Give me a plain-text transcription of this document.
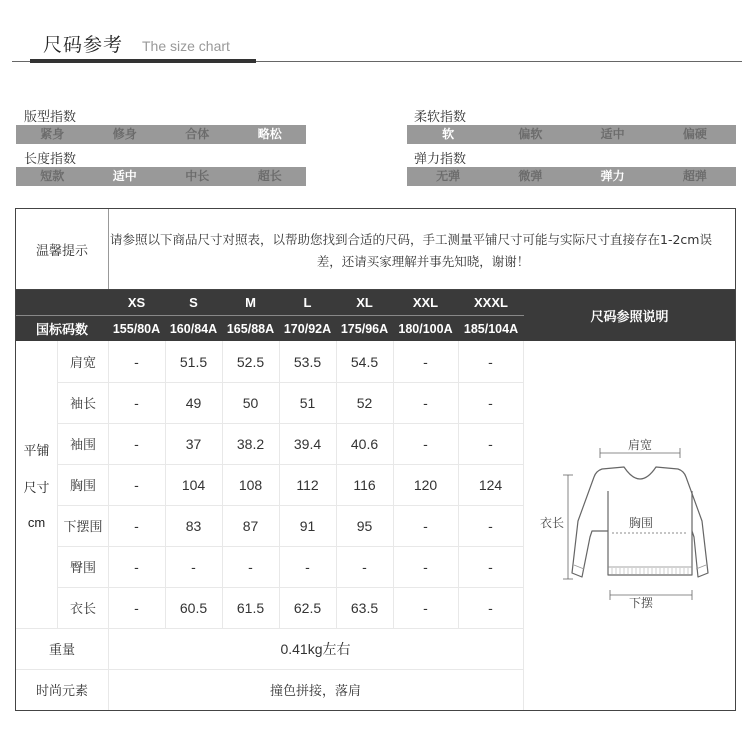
尺码参考 The size chart
版型指数
紧身	修身	合体	略松
长度指数
短款	适中	中长	超长
柔软指数
软	偏软	适中	偏硬
弹力指数
无弹	微弹	弹力	超弹
温馨提示
请参照以下商品尺寸对照表，以帮助您找到合适的尺码，手工测量平铺尺寸可能与实际尺寸直接存在1-2cm误
差，还请买家理解并事先知晓，谢谢！
XS	S	M	L	XL	XXL	XXXL
国标码数	155/80A 160/84A 165/88A 170/92A 175/96A 180/100A 185/104A
尺码参照说明
平铺
尺寸
cm
肩宽	-	51.5	52.5	53.5	54.5	-	-
袖长	-	49	50	51	52	-	-
袖围	-	37	38.2	39.4	40.6	-	-
胸围	-	104	108	112	116	120	124
下摆围	-	83	87	91	95	-	-
臀围	-	-	-	-	-	-	-
衣长	-	60.5	61.5	62.5	63.5	-	-
重量	0.41kg左右
时尚元素	撞色拼接，落肩
肩宽
衣长	胸围
下摆
